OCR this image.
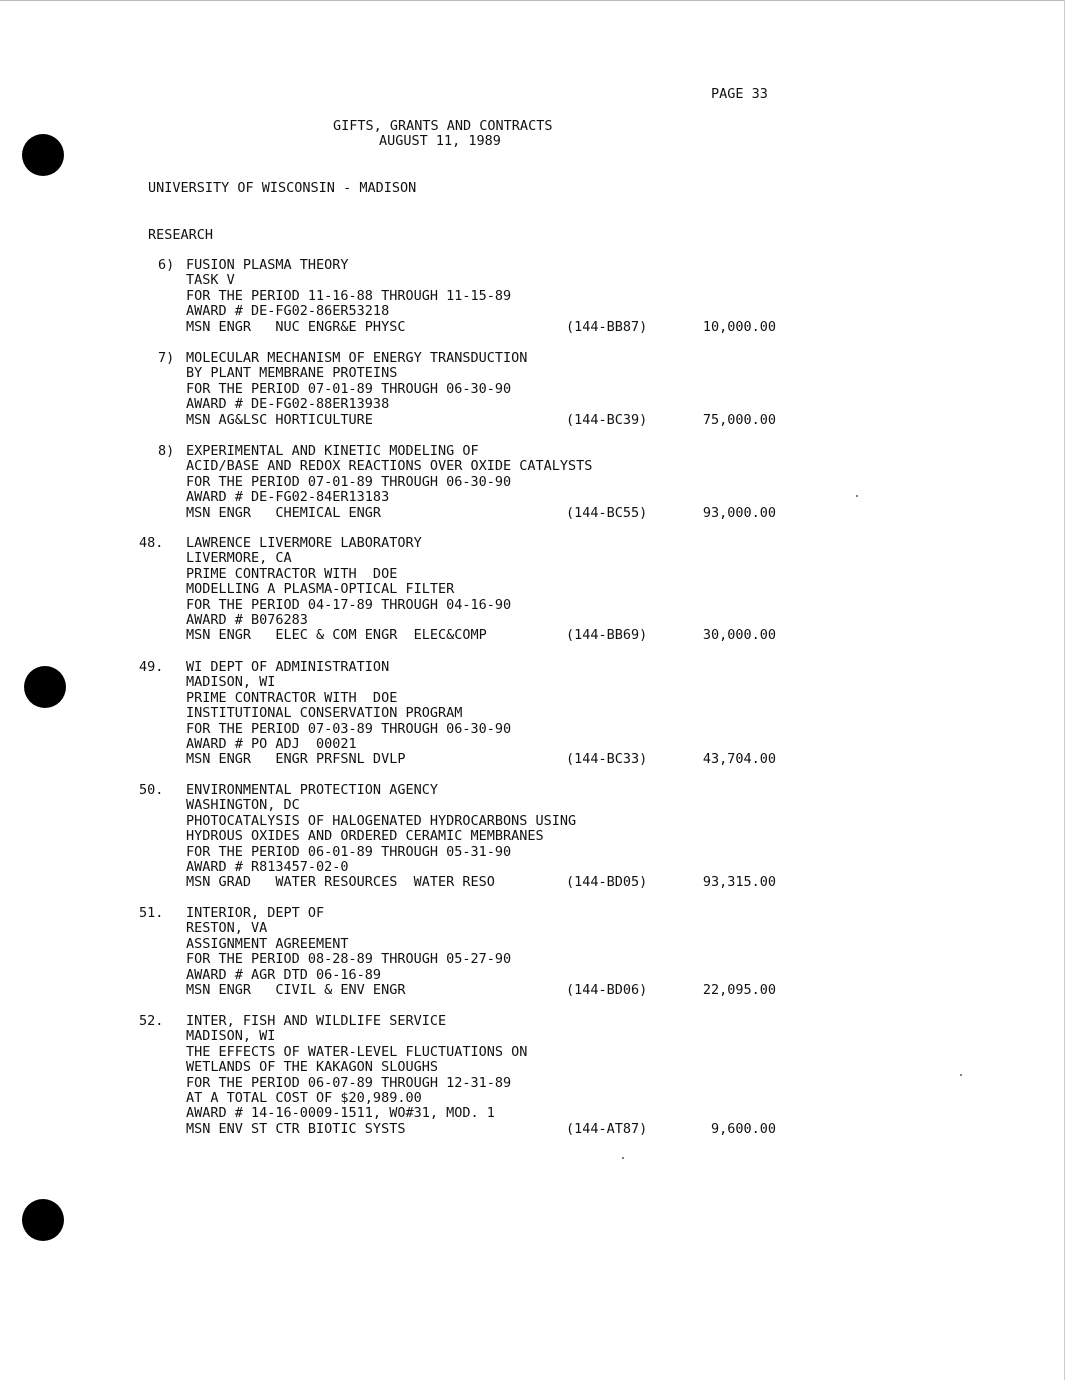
PAGE 33
GIFTS, GRANTS AND CONTRACTS
AUGUST 11, 1989
UNIVERSITY OF WISCONSIN - MADISON
RESEARCH
6) FUSION PLASMA THEORY
TASK V
FOR THE PERIOD 11-16-88 THROUGH 11-15-89
AWARD # DE-FG02-86ER53218
MSN ENGR   NUC ENGR&E PHYSC	(144-BB87)	10,000.00
7) MOLECULAR MECHANISM OF ENERGY TRANSDUCTION
BY PLANT MEMBRANE PROTEINS
FOR THE PERIOD 07-01-89 THROUGH 06-30-90
AWARD # DE-FG02-88ER13938
MSN AG&LSC HORTICULTURE	(144-BC39)	75,000.00
8) EXPERIMENTAL AND KINETIC MODELING OF
ACID/BASE AND REDOX REACTIONS OVER OXIDE CATALYSTS
FOR THE PERIOD 07-01-89 THROUGH 06-30-90
AWARD # DE-FG02-84ER13183
MSN ENGR   CHEMICAL ENGR	(144-BC55)	93,000.00
48. LAWRENCE LIVERMORE LABORATORY
LIVERMORE, CA
PRIME CONTRACTOR WITH  DOE
MODELLING A PLASMA-OPTICAL FILTER
FOR THE PERIOD 04-17-89 THROUGH 04-16-90
AWARD # B076283
MSN ENGR   ELEC & COM ENGR  ELEC&COMP	(144-BB69)	30,000.00
49. WI DEPT OF ADMINISTRATION
MADISON, WI
PRIME CONTRACTOR WITH  DOE
INSTITUTIONAL CONSERVATION PROGRAM
FOR THE PERIOD 07-03-89 THROUGH 06-30-90
AWARD # PO ADJ  00021
MSN ENGR   ENGR PRFSNL DVLP	(144-BC33)	43,704.00
50. ENVIRONMENTAL PROTECTION AGENCY
WASHINGTON, DC
PHOTOCATALYSIS OF HALOGENATED HYDROCARBONS USING
HYDROUS OXIDES AND ORDERED CERAMIC MEMBRANES
FOR THE PERIOD 06-01-89 THROUGH 05-31-90
AWARD # R813457-02-0
MSN GRAD   WATER RESOURCES  WATER RESO	(144-BD05)	93,315.00
51. INTERIOR, DEPT OF
RESTON, VA
ASSIGNMENT AGREEMENT
FOR THE PERIOD 08-28-89 THROUGH 05-27-90
AWARD # AGR DTD 06-16-89
MSN ENGR   CIVIL & ENV ENGR	(144-BD06)	22,095.00
52. INTER, FISH AND WILDLIFE SERVICE
MADISON, WI
THE EFFECTS OF WATER-LEVEL FLUCTUATIONS ON
WETLANDS OF THE KAKAGON SLOUGHS
FOR THE PERIOD 06-07-89 THROUGH 12-31-89
AT A TOTAL COST OF $20,989.00
AWARD # 14-16-0009-1511, WO#31, MOD. 1
MSN ENV ST CTR BIOTIC SYSTS	(144-AT87)	9,600.00
